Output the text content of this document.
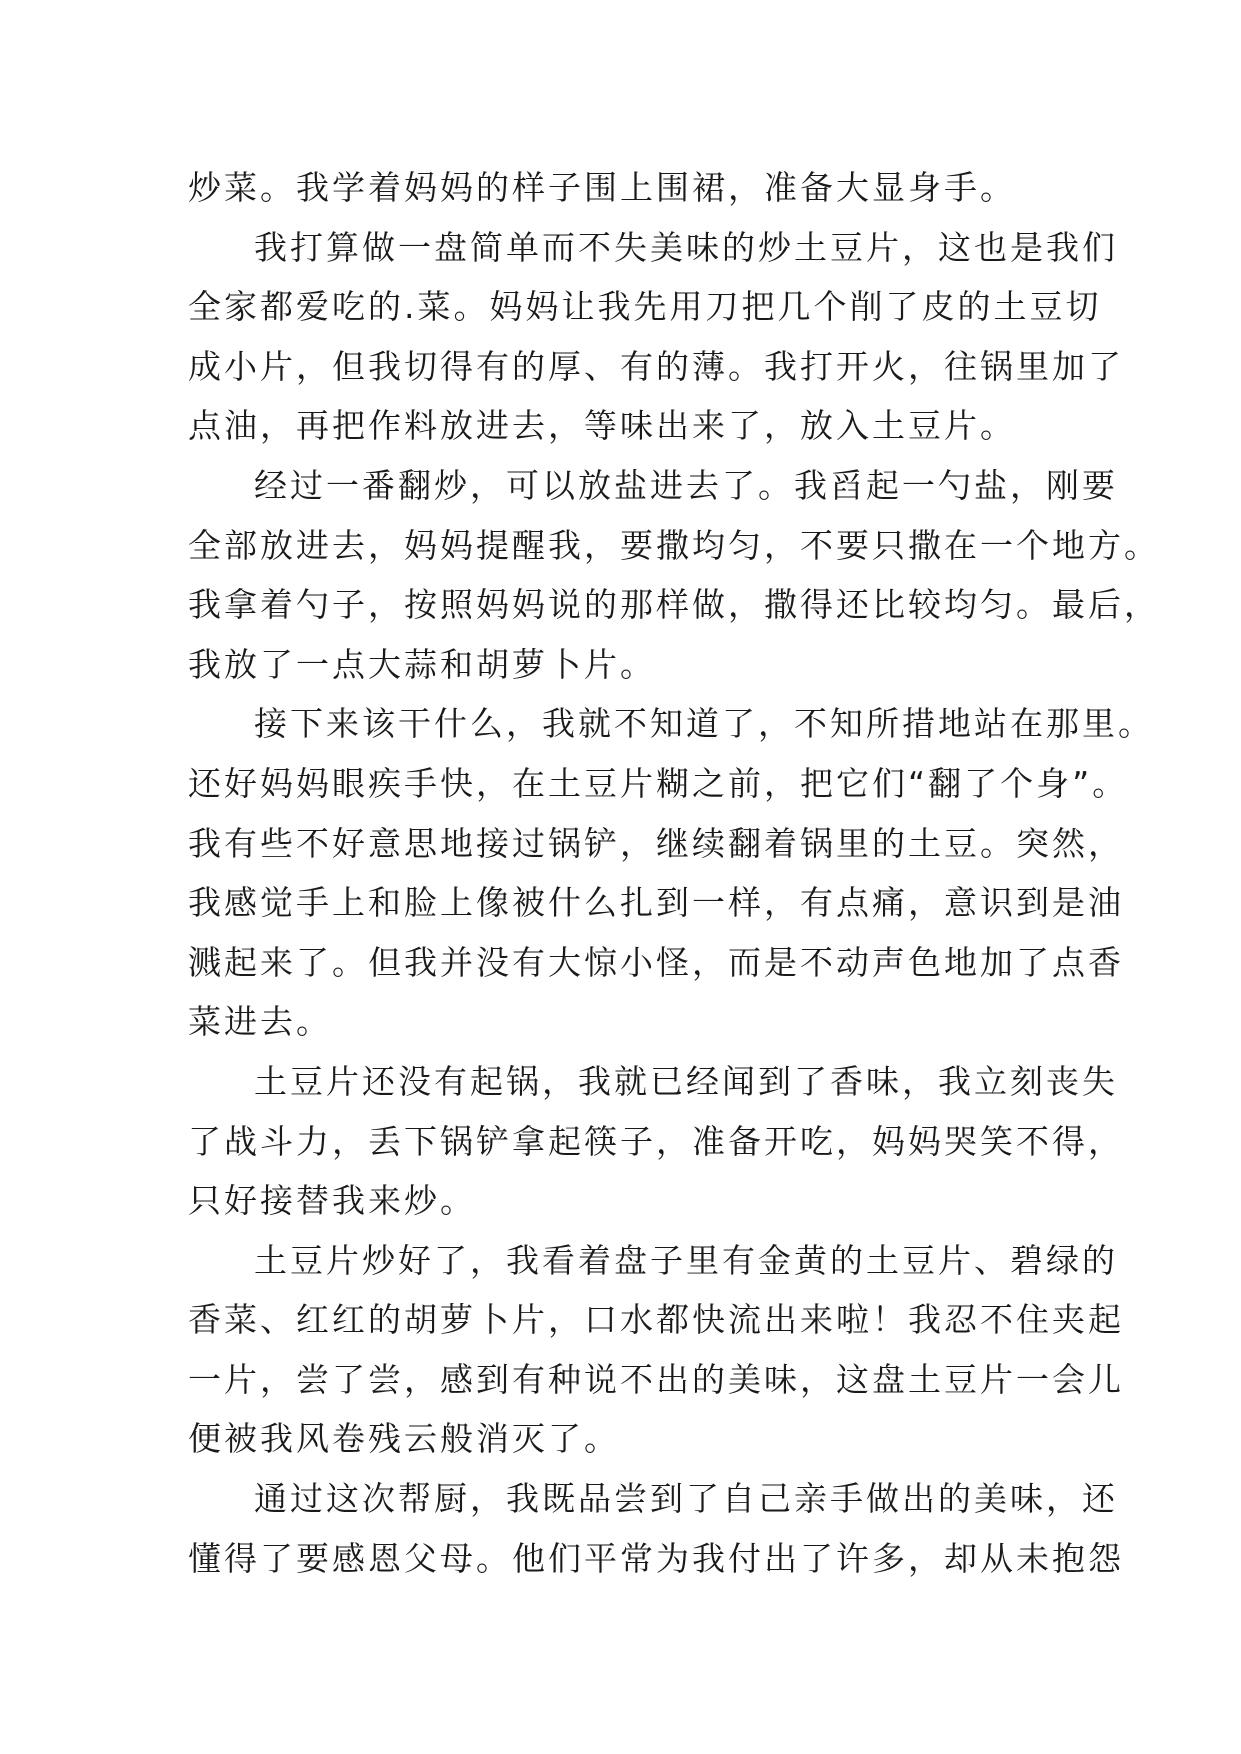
炒菜。我学着妈妈的样子围上围裙，准备大显身手。
我打算做一盘简单而不失美味的炒土豆片，这也是我们
全家都爱吃的.菜。妈妈让我先用刀把几个削了皮的土豆切
成小片，但我切得有的厚、有的薄。我打开火，往锅里加了
点油，再把作料放进去，等味出来了，放入土豆片。
经过一番翻炒，可以放盐进去了。我舀起一勺盐，刚要
全部放进去，妈妈提醒我，要撒均匀，不要只撒在一个地方。
我拿着勺子，按照妈妈说的那样做，撒得还比较均匀。最后，
我放了一点大蒜和胡萝卜片。
接下来该干什么，我就不知道了，不知所措地站在那里。
还好妈妈眼疾手快，在土豆片糊之前，把它们“翻了个身”。
我有些不好意思地接过锅铲，继续翻着锅里的土豆。突然，
我感觉手上和脸上像被什么扎到一样，有点痛，意识到是油
溅起来了。但我并没有大惊小怪，而是不动声色地加了点香
菜进去。
土豆片还没有起锅，我就已经闻到了香味，我立刻丧失
了战斗力，丢下锅铲拿起筷子，准备开吃，妈妈哭笑不得，
只好接替我来炒。
土豆片炒好了，我看着盘子里有金黄的土豆片、碧绿的
香菜、红红的胡萝卜片，口水都快流出来啦！我忍不住夹起
一片，尝了尝，感到有种说不出的美味，这盘土豆片一会儿
便被我风卷残云般消灭了。
通过这次帮厨，我既品尝到了自己亲手做出的美味，还
懂得了要感恩父母。他们平常为我付出了许多，却从未抱怨
